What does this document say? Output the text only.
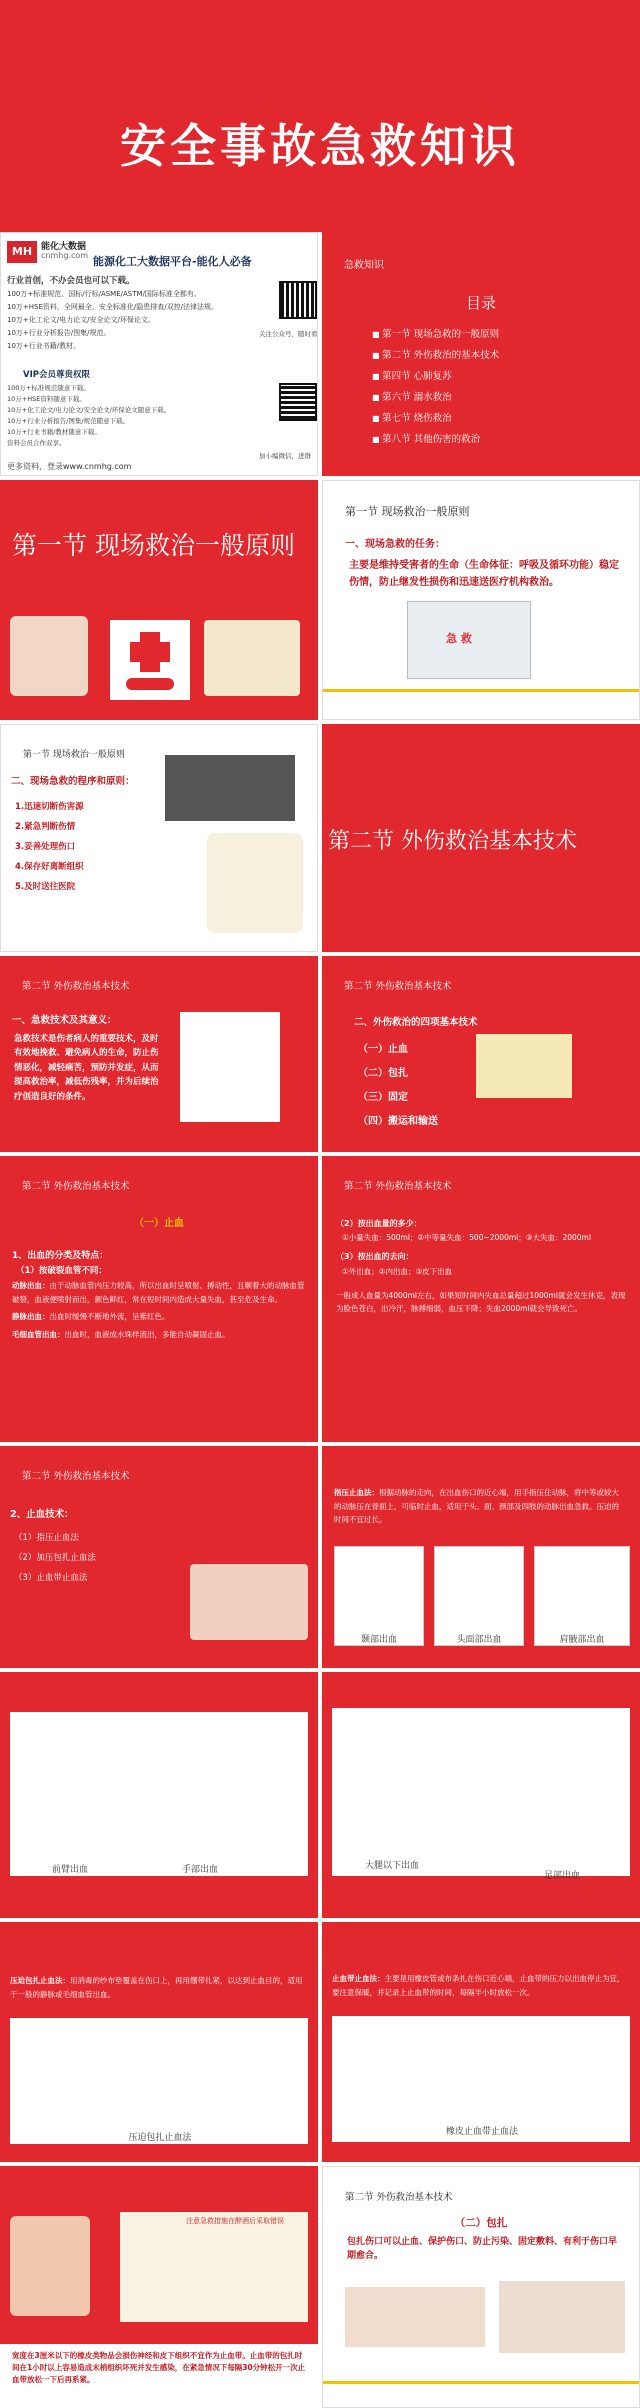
安全事故急救知识
MH 能化大数据
cnmhg.com 能源化工大数据平台-能化人必备
行业首创，不办会员也可以下载。
100万+标准规范、国标/行标/ASME/ASTM/国际标准全都有。
10万+HSE资料，全网最全，安全标准化/隐患排查/双控/法律法规。
10万+化工论文/电力论文/安全论文/环保论文。
10万+行业分析报告/图集/规范。
10万+行业书籍/教材。
VIP会员尊贵权限
100万+标准规范随意下载。
10万+HSE资料随意下载。
10万+化工论文/电力论文/安全论文/环保论文随意下载。
10万+行业分析报告/图集/规范随意下载。
10万+行业书籍/教材随意下载。
资料会员合作双享。
更多资料，登录www.cnmhg.com
关注公众号，随时看
加小编微信，进群
急救知识
目录
■ 第一节 现场急救的一般原则
■ 第二节 外伤救治的基本技术
■ 第四节 心肺复苏
■ 第六节 溺水救治
■ 第七节 烧伤救治
■ 第八节 其他伤害的救治
第一节 现场救治一般原则
第一节 现场救治一般原则
一、现场急救的任务：
主要是维持受害者的生命（生命体征：呼吸及循环功能）稳定伤情，防止继发性损伤和迅速送医疗机构救治。
急 救
第一节 现场救治一般原则
二、现场急救的程序和原则：
1.迅速切断伤害源
2.紧急判断伤情
3.妥善处理伤口
4.保存好离断组织
5.及时送往医院
第二节 外伤救治基本技术
第二节 外伤救治基本技术
一、急救技术及其意义：
急救技术是伤者病人的重要技术，及时有效地挽救、避免病人的生命，防止伤情恶化，减轻痛苦，预防并发症，从而提高救治率，减低伤残率，并为后续治疗创造良好的条件。
第二节 外伤救治基本技术
二、外伤救治的四项基本技术
（一）止血
（二）包扎
（三）固定
（四）搬运和输送
第二节 外伤救治基本技术
（一）止血
1、出血的分类及特点：
（1）按破裂血管不同：
动脉出血：由于动脉血管内压力较高，所以出血时呈喷射、搏动性，且顺着大的动脉血管破裂，血液便喷射而出，颜色鲜红，常在短时间内造成大量失血，甚至危及生命。
静脉出血：出血时缓慢不断地外流，呈紫红色。
毛细血管出血：出血时，血液成水珠样流出，多能自动凝固止血。
第二节 外伤救治基本技术
（2）按出血量的多少：
①小量失血：500ml；②中等量失血：500~2000ml；③大失血：2000ml
（3）按出血的去向：
①外出血；②内出血；③皮下出血
一般成人血量为4000ml左右，如果短时间内失血总量超过1000ml就会发生休克，表现为脸色苍白，出冷汗，脉搏细弱，血压下降；失血2000ml就会导致死亡。
第二节 外伤救治基本技术
2、止血技术：
（1）指压止血法
（2）加压包扎止血法
（3）止血带止血法
指压止血法：根据动脉的走向，在出血伤口的近心端，用手指压住动脉，将中等或较大的动脉压在骨面上，可临时止血，适用于头、面、颈部及四肢的动脉出血急救。压迫的时间不宜过长。
颞部出血	头面部出血	肩腋部出血
前臂出血	手部出血	大腿以下出血
足部出血
压迫包扎止血法：用消毒的纱布垫覆盖在伤口上，再用绷带扎紧，以达到止血目的，适用于一般的静脉或毛细血管出血。
压迫包扎止血法
止血带止血法：主要是用橡皮管或布条扎在伤口近心端，止血带的压力以出血停止为宜，要注意保暖，并记录上止血带的时间，每隔半小时放松一次。
橡皮止血带止血法
注意急救措施在醉酒后采取错误
宽度在3厘米以下的橡皮类物品会损伤神经和皮下组织不宜作为止血带。止血带的包扎时间在1小时以上容易造成末梢组织坏死并发生感染，在紧急情况下每隔30分钟松开一次止血带放松一下后再系紧。
第二节 外伤救治基本技术
（二）包扎
包扎伤口可以止血、保护伤口、防止污染、固定敷料、有利于伤口早期愈合。
